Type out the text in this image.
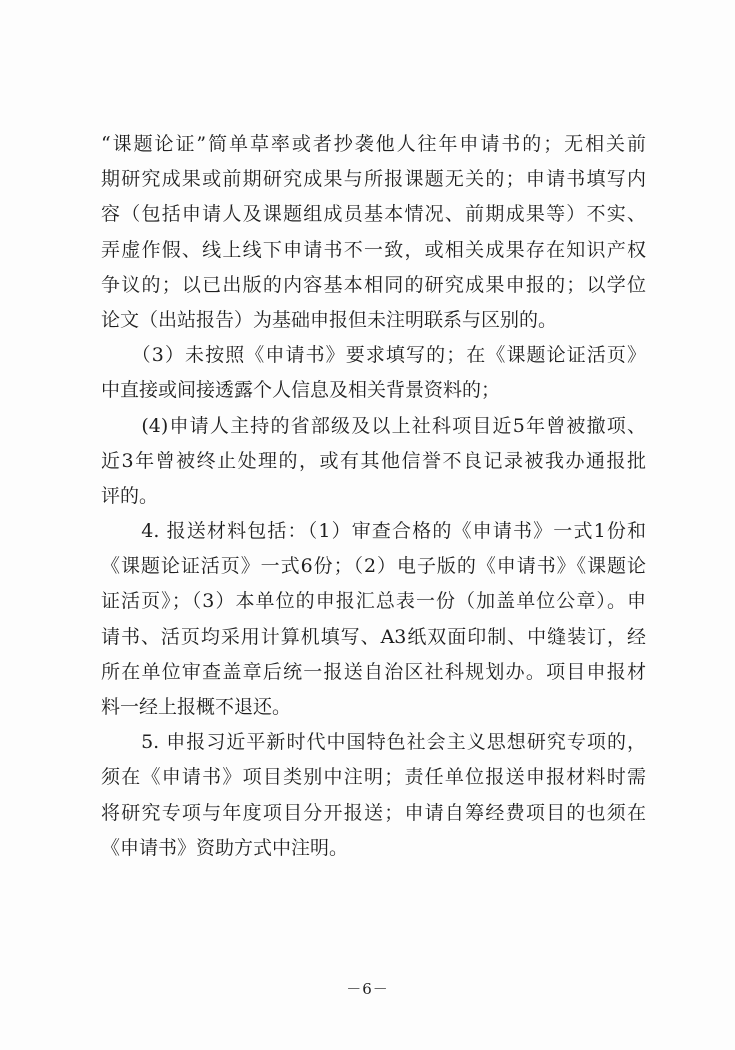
“课题论证”简单草率或者抄袭他人往年申请书的；无相关前
期研究成果或前期研究成果与所报课题无关的；申请书填写内
容（包括申请人及课题组成员基本情况、前期成果等）不实、
弄虚作假、线上线下申请书不一致，或相关成果存在知识产权
争议的；以已出版的内容基本相同的研究成果申报的；以学位
论文（出站报告）为基础申报但未注明联系与区别的。
　　（3）未按照《申请书》要求填写的；在《课题论证活页》
中直接或间接透露个人信息及相关背景资料的；
　　(4)申请人主持的省部级及以上社科项目近5年曾被撤项、
近3年曾被终止处理的，或有其他信誉不良记录被我办通报批
评的。
　　4. 报送材料包括：（1）审查合格的《申请书》一式1份和
《课题论证活页》一式6份；（2）电子版的《申请书》《课题论
证活页》；（3）本单位的申报汇总表一份（加盖单位公章）。申
请书、活页均采用计算机填写、A3纸双面印制、中缝装订，经
所在单位审查盖章后统一报送自治区社科规划办。项目申报材
料一经上报概不退还。
　　5. 申报习近平新时代中国特色社会主义思想研究专项的，
须在《申请书》项目类别中注明；责任单位报送申报材料时需
将研究专项与年度项目分开报送；申请自筹经费项目的也须在
《申请书》资助方式中注明。
－6－
